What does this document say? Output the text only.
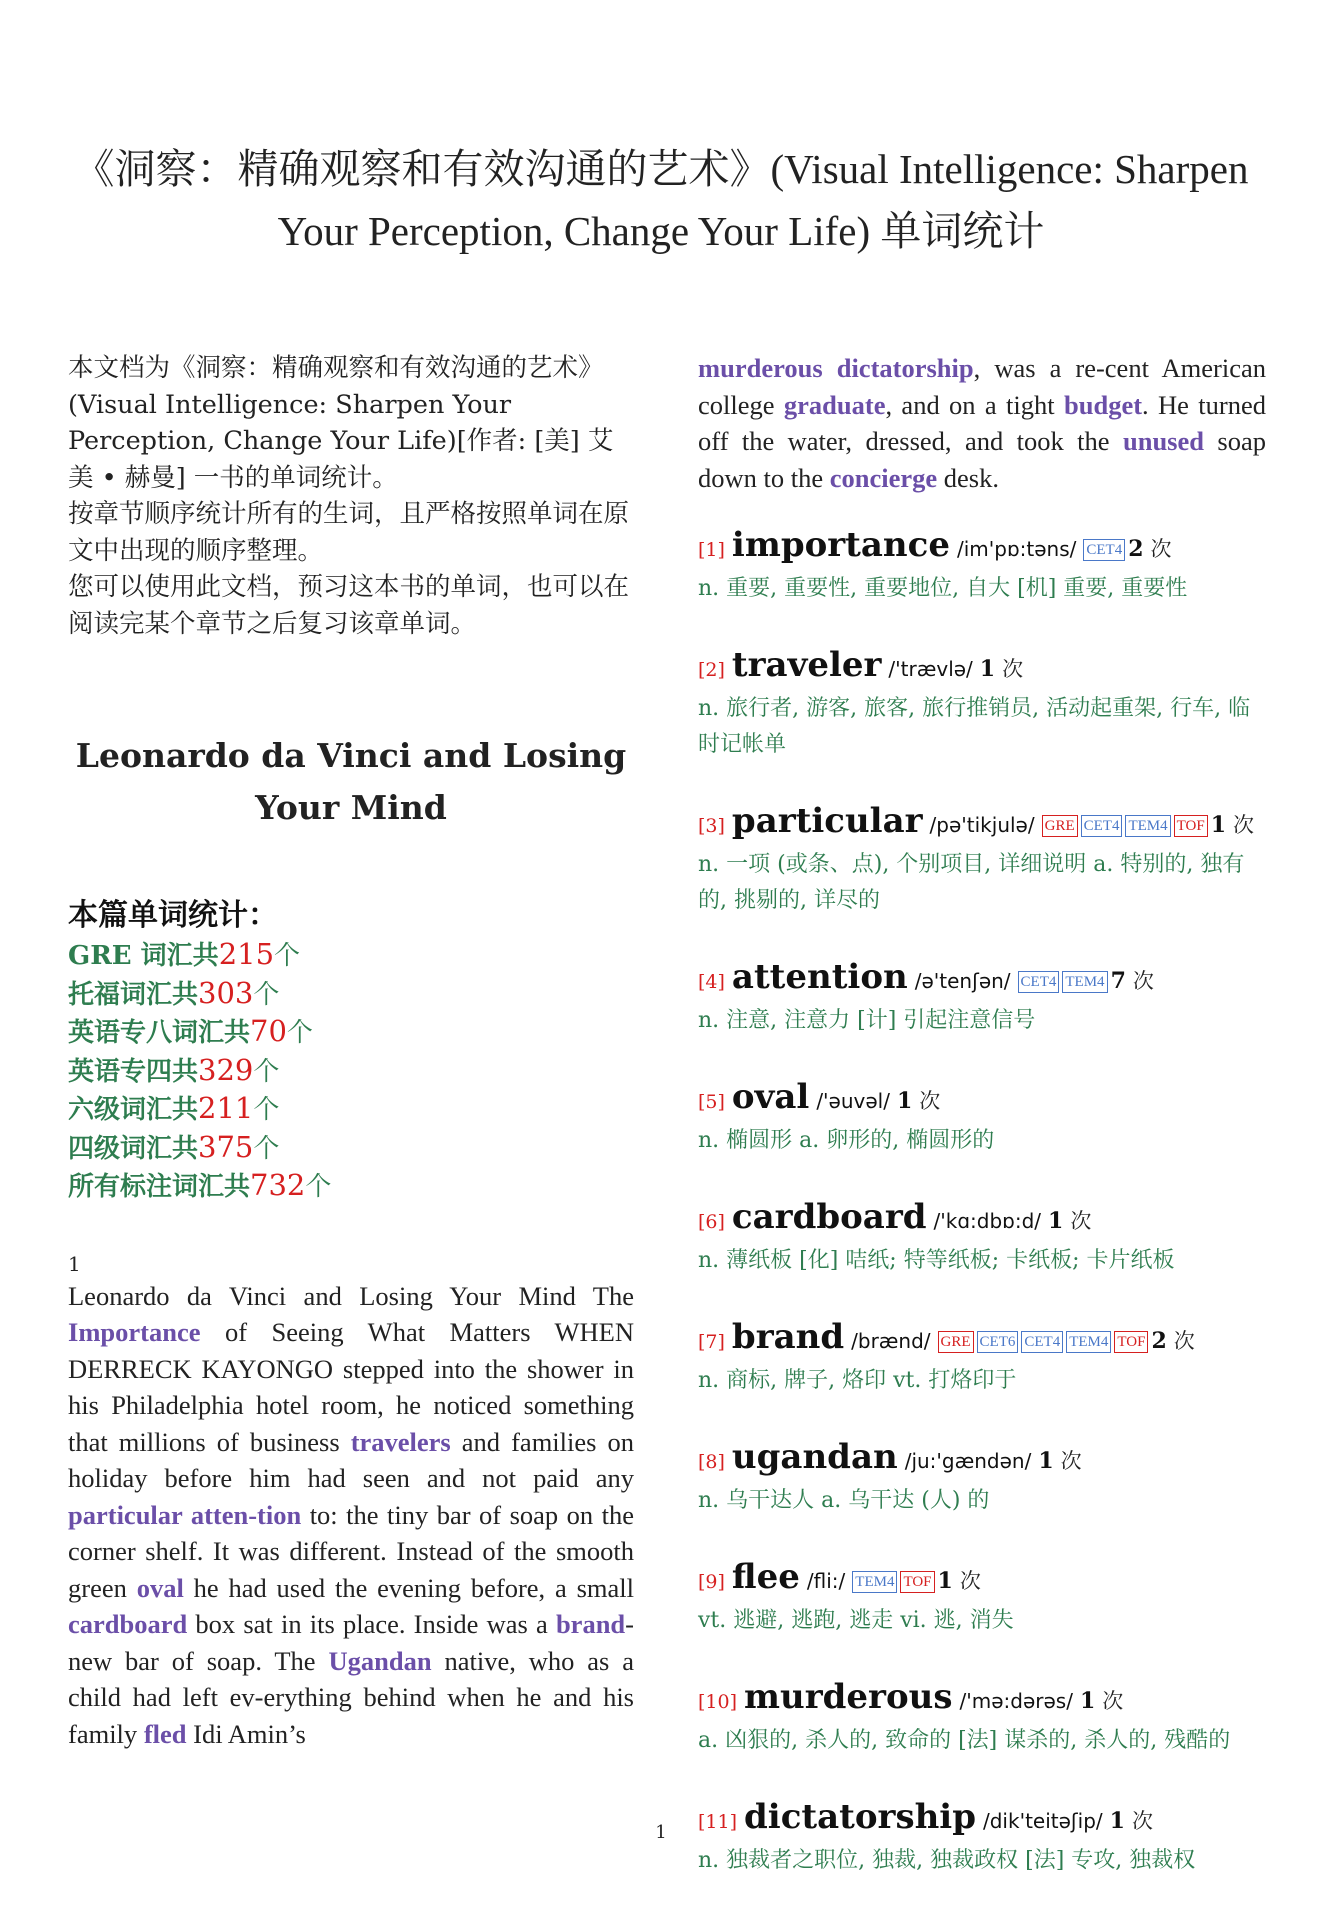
《洞察：精确观察和有效沟通的艺术》(Visual Intelligence: Sharpen Your Perception, Change Your Life) 单词统计

本文档为《洞察：精确观察和有效沟通的艺术》(Visual Intelligence: Sharpen Your Perception, Change Your Life)[作者: [美] 艾美 • 赫曼] 一书的单词统计。

按章节顺序统计所有的生词，且严格按照单词在原文中出现的顺序整理。

您可以使用此文档，预习这本书的单词，也可以在阅读完某个章节之后复习该章单词。

Leonardo da Vinci and Losing Your Mind
本篇单词统计：
GRE 词汇共215个
托福词汇共303个
英语专八词汇共70个
英语专四共329个
六级词汇共211个
四级词汇共375个
所有标注词汇共732个
1
Leonardo da Vinci and Losing Your Mind The Importance of Seeing What Matters WHEN DERRECK KAYONGO stepped into the shower in his Philadelphia hotel room, he noticed something that millions of business travelers and families on holiday before him had seen and not paid any particular atten-tion to: the tiny bar of soap on the corner shelf. It was different. Instead of the smooth green oval he had used the evening before, a small cardboard box sat in its place. Inside was a brand-new bar of soap. The Ugandan native, who as a child had left ev-erything behind when he and his family fled Idi Amin’s
murderous dictatorship, was a re-cent American college graduate, and on a tight budget. He turned off the water, dressed, and took the unused soap down to the concierge desk.
[1] importance /im'pɒ:təns/ CET4 2 次
n. 重要, 重要性, 重要地位, 自大 [机] 重要, 重要性
[2] traveler /'trævlə/ 1 次
n. 旅行者, 游客, 旅客, 旅行推销员, 活动起重架, 行车, 临时记帐单
[3] particular /pə'tikjulə/ GRE CET4 TEM4 TOF 1 次
n. 一项 (或条、点), 个别项目, 详细说明 a. 特别的, 独有的, 挑剔的, 详尽的
[4] attention /ə'tenʃən/ CET4 TEM4 7 次
n. 注意, 注意力 [计] 引起注意信号
[5] oval /'əuvəl/ 1 次
n. 椭圆形 a. 卵形的, 椭圆形的
[6] cardboard /'kɑ:dbɒ:d/ 1 次
n. 薄纸板 [化] 咭纸; 特等纸板; 卡纸板; 卡片纸板
[7] brand /brænd/ GRE CET6 CET4 TEM4 TOF 2 次
n. 商标, 牌子, 烙印 vt. 打烙印于
[8] ugandan /ju:'gændən/ 1 次
n. 乌干达人 a. 乌干达 (人) 的
[9] flee /fli:/ TEM4 TOF 1 次
vt. 逃避, 逃跑, 逃走 vi. 逃, 消失
[10] murderous /'mə:dərəs/ 1 次
a. 凶狠的, 杀人的, 致命的 [法] 谋杀的, 杀人的, 残酷的
[11] dictatorship /dik'teitəʃip/ 1 次
n. 独裁者之职位, 独裁, 独裁政权 [法] 专攻, 独裁权
1
